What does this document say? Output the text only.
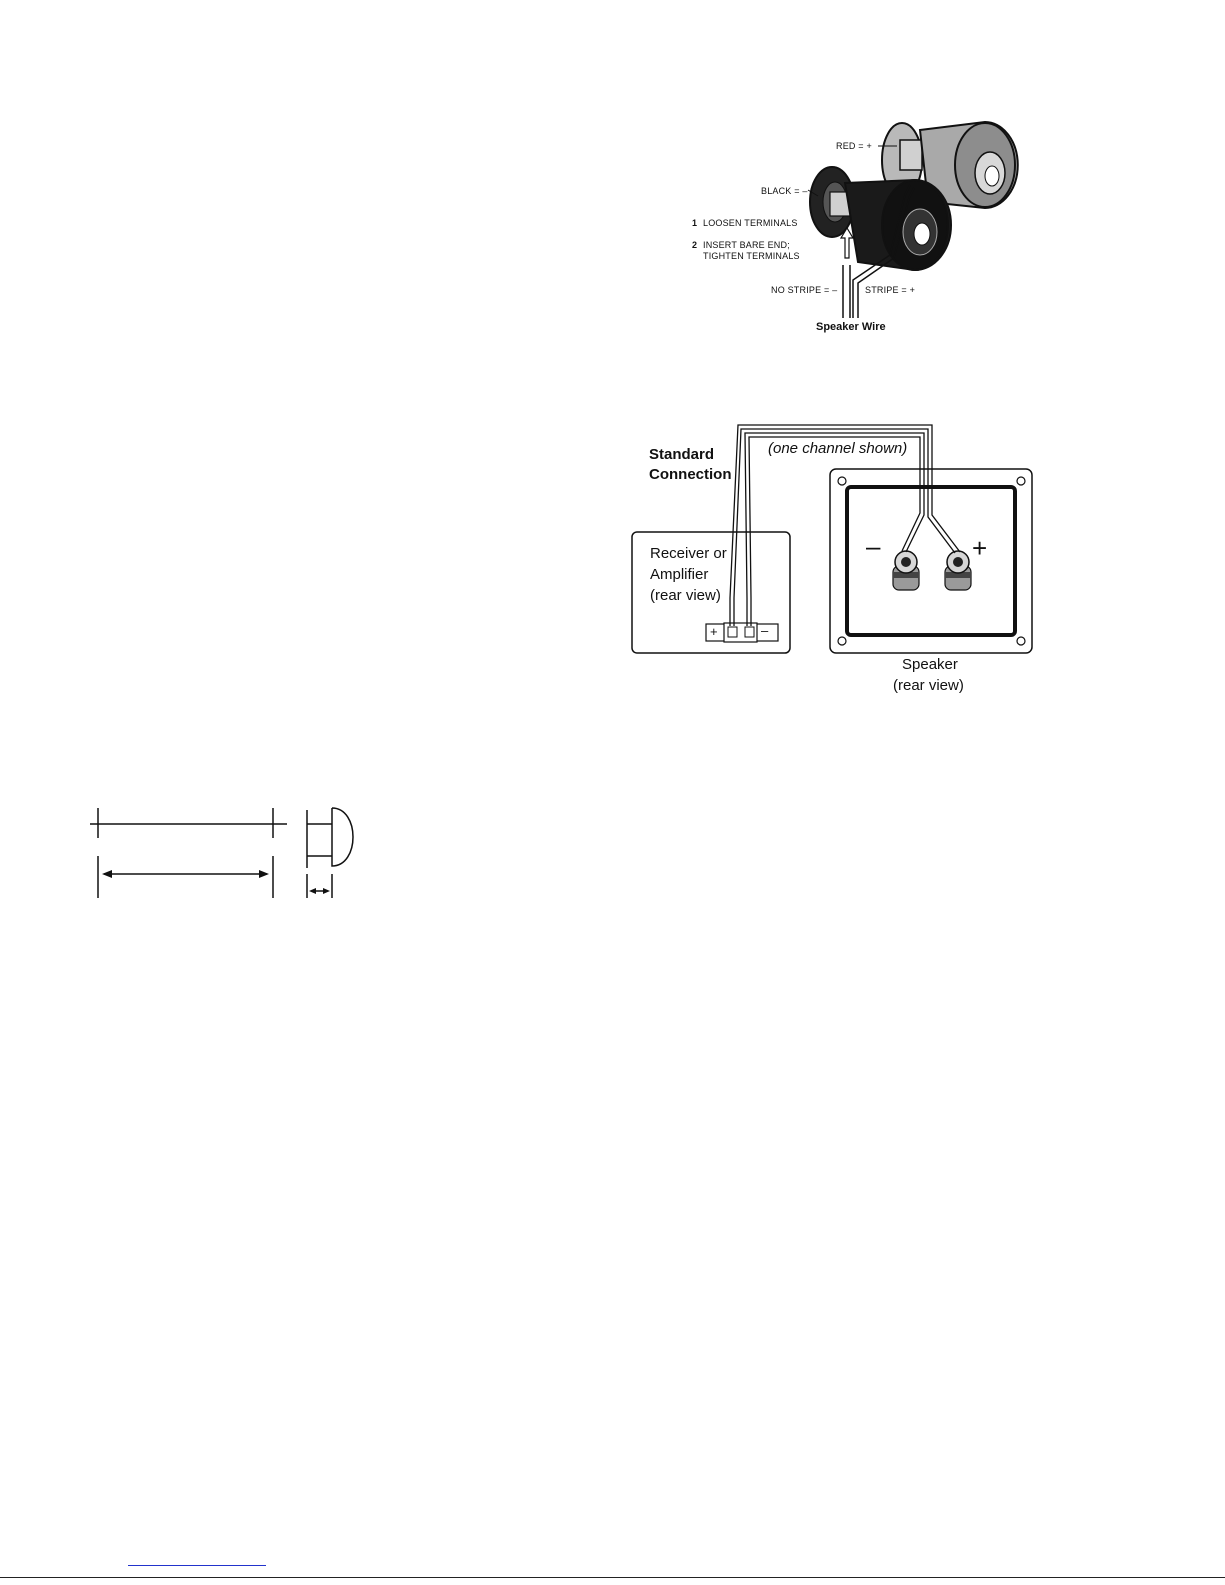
RED = +
BLACK = –
1 LOOSEN TERMINALS
2 INSERT BARE END;
TIGHTEN TERMINALS
NO STRIPE = –	STRIPE = +
Speaker Wire
Standard
Connection
(one channel shown)
Receiver or
Amplifier
(rear view)
+	–
–	+
Speaker
(rear view)
